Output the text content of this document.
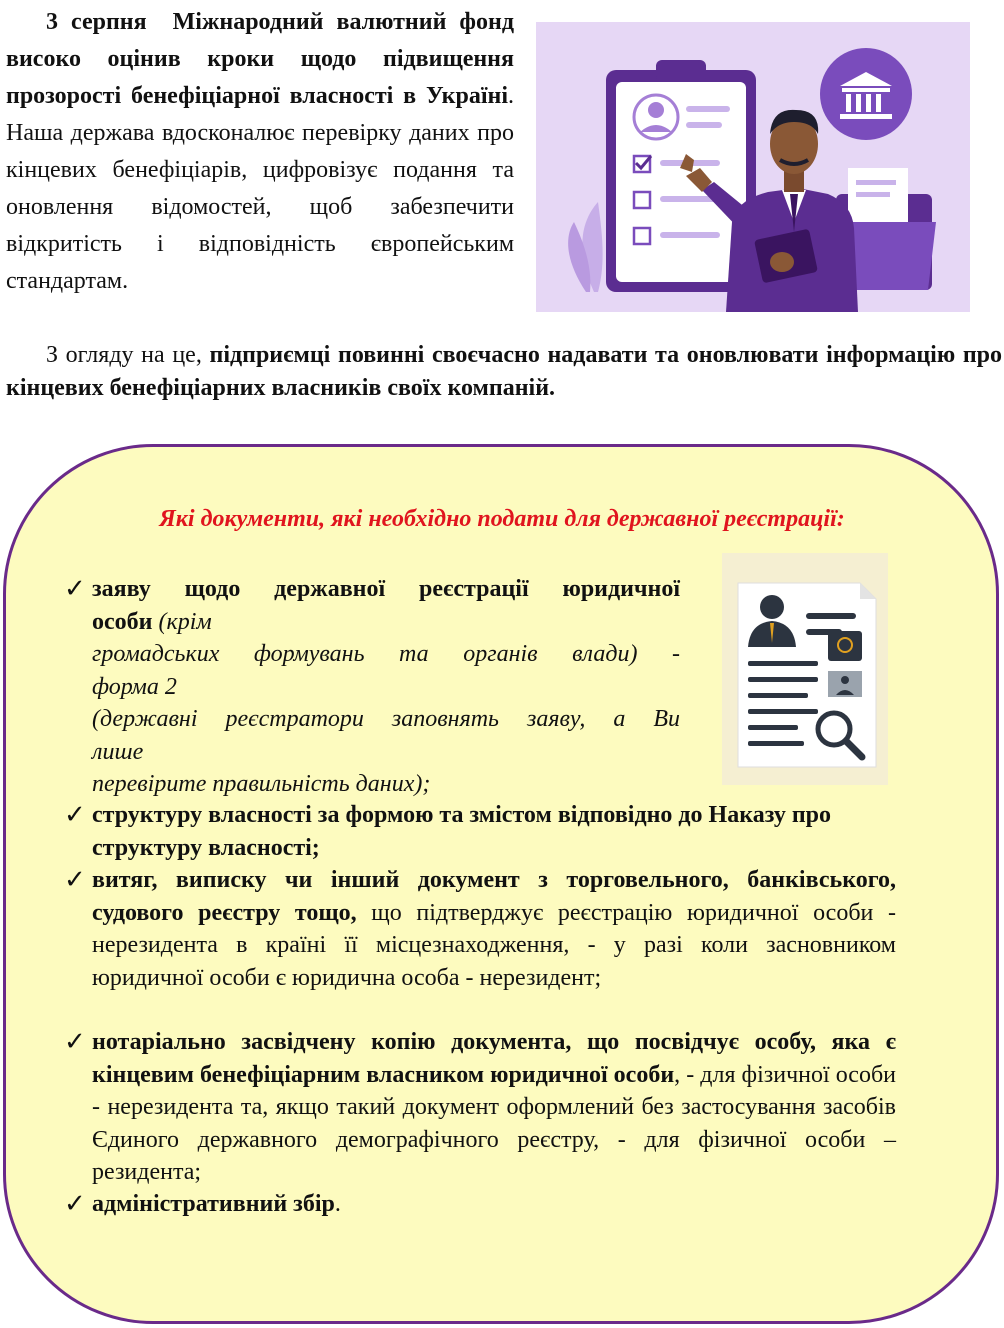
3 серпня Міжнародний валютний фонд високо оцінив кроки щодо підвищення прозорості бенефіціарної власності в Україні. Наша держава вдосконалює перевірку даних про кінцевих бенефіціарів, цифровізує подання та оновлення відомостей, щоб забезпечити відкритість і відповідність європейським стандартам.

З огляду на це, підприємці повинні своєчасно надавати та оновлювати інформацію про кінцевих бенефіціарних власників своїх компаній.

Які документи, які необхідно подати для державної реєстрації:
✓ заяву щодо державної реєстрації юридичної
особи (крім
громадських формувань та органів влади) -
форма 2
(державні реєстратори заповнять заяву, а Ви
лише
перевірите правильність даних);
✓ структуру власності за формою та змістом відповідно до Наказу про структуру власності;
✓ витяг, виписку чи інший документ з торговельного, банківського, судового реєстру тощо, що підтверджує реєстрацію юридичної особи - нерезидента в країні її місцезнаходження, - у разі коли засновником юридичної особи є юридична особа - нерезидент;
✓ нотаріально засвідчену копію документа, що посвідчує особу, яка є кінцевим бенефіціарним власником юридичної особи, - для фізичної особи - нерезидента та, якщо такий документ оформлений без застосування засобів Єдиного державного демографічного реєстру, - для фізичної особи – резидента;
✓ адміністративний збір.
